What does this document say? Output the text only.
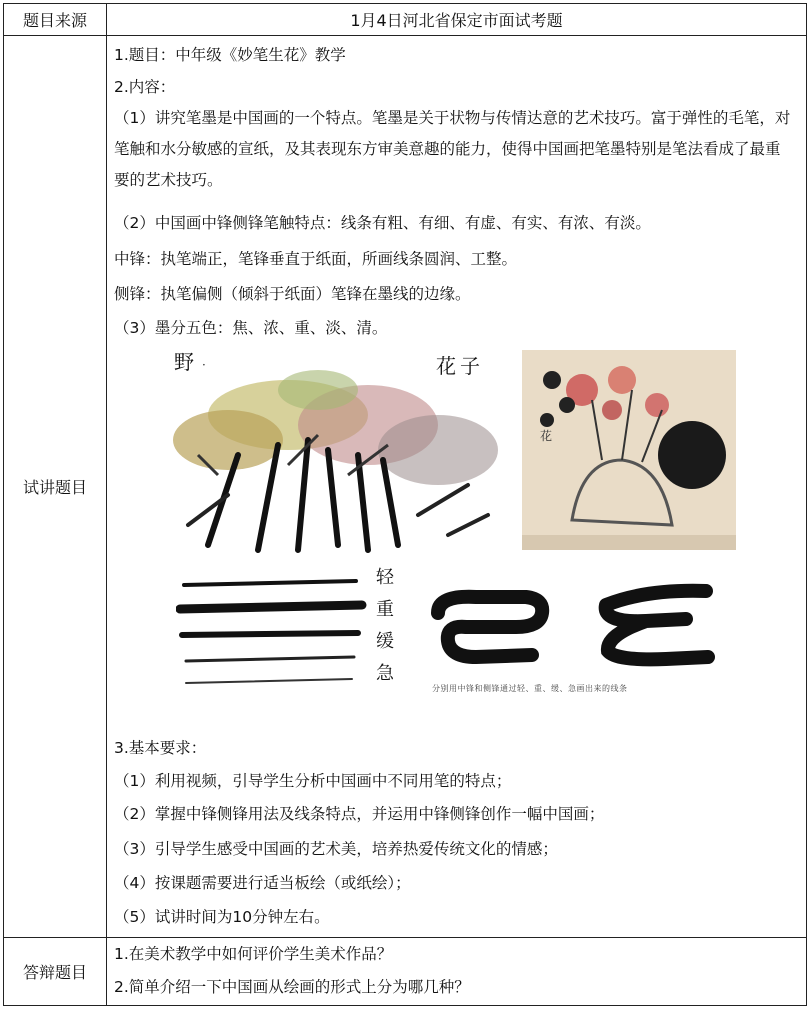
题目来源	1月4日河北省保定市面试考题
试讲题目
答辩题目
1.题目：中年级《妙笔生花》教学
2.内容：
（1）讲究笔墨是中国画的一个特点。笔墨是关于状物与传情达意的艺术技巧。富于弹性的毛笔，对笔触和水分敏感的宣纸，及其表现东方审美意趣的能力，使得中国画把笔墨特别是笔法看成了最重要的艺术技巧。
（2）中国画中锋侧锋笔触特点：线条有粗、有细、有虚、有实、有浓、有淡。
中锋：执笔端正，笔锋垂直于纸面，所画线条圆润、工整。
侧锋：执笔偏侧（倾斜于纸面）笔锋在墨线的边缘。
（3）墨分五色：焦、浓、重、淡、清。
野 ·	花 子
花
轻
重
缓
急
分别用中锋和侧锋通过轻、重、缓、急画出来的线条
3.基本要求：
（1）利用视频，引导学生分析中国画中不同用笔的特点；
（2）掌握中锋侧锋用法及线条特点，并运用中锋侧锋创作一幅中国画；
（3）引导学生感受中国画的艺术美，培养热爱传统文化的情感；
（4）按课题需要进行适当板绘（或纸绘）；
（5）试讲时间为10分钟左右。
1.在美术教学中如何评价学生美术作品？
2.简单介绍一下中国画从绘画的形式上分为哪几种？
